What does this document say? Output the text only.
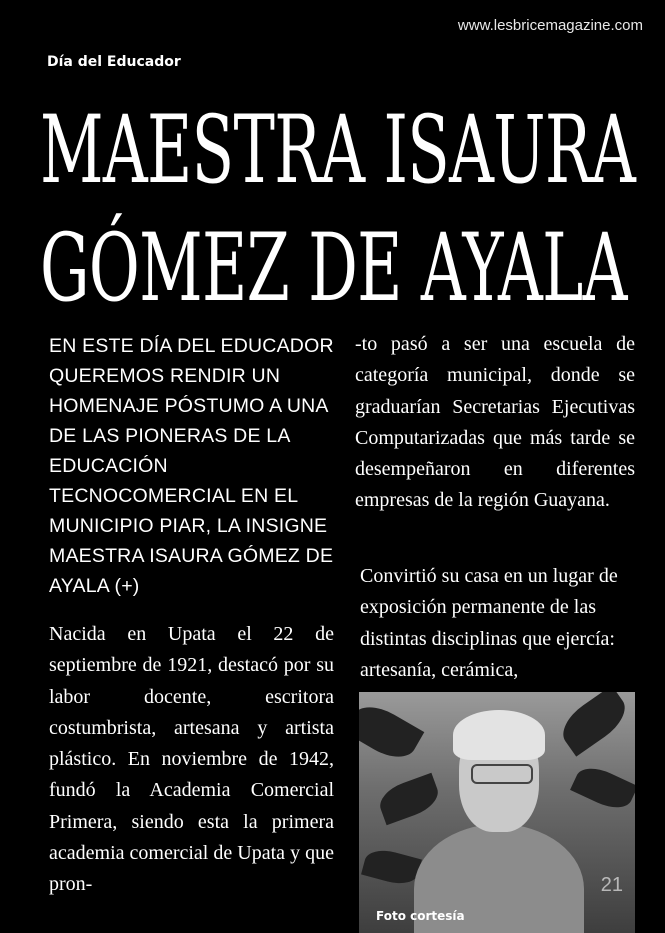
www.lesbricemagazine.com
Día del Educador
MAESTRA ISAURA
GÓMEZ DE AYALA
EN ESTE DÍA DEL EDUCADOR QUEREMOS RENDIR UN HOMENAJE PÓSTUMO A UNA DE LAS PIONERAS DE LA EDUCACIÓN TECNOCOMERCIAL EN EL MUNICIPIO PIAR, LA INSIGNE MAESTRA ISAURA GÓMEZ DE AYALA (+)
Nacida en Upata el 22 de septiembre de 1921, destacó por su labor docente, escritora costumbrista, artesana y artista plástico. En noviembre de 1942, fundó la Academia Comercial Primera, siendo esta la primera academia comercial de Upata y que pron-
-to pasó a ser una escuela de categoría municipal, donde se graduarían Secretarias Ejecutivas Computarizadas que más tarde se desempeñaron en diferentes empresas de la región Guayana.
Convirtió su casa en un lugar de exposición permanente de las distintas disciplinas que ejercía: artesanía, cerámica,
21
Foto cortesía
